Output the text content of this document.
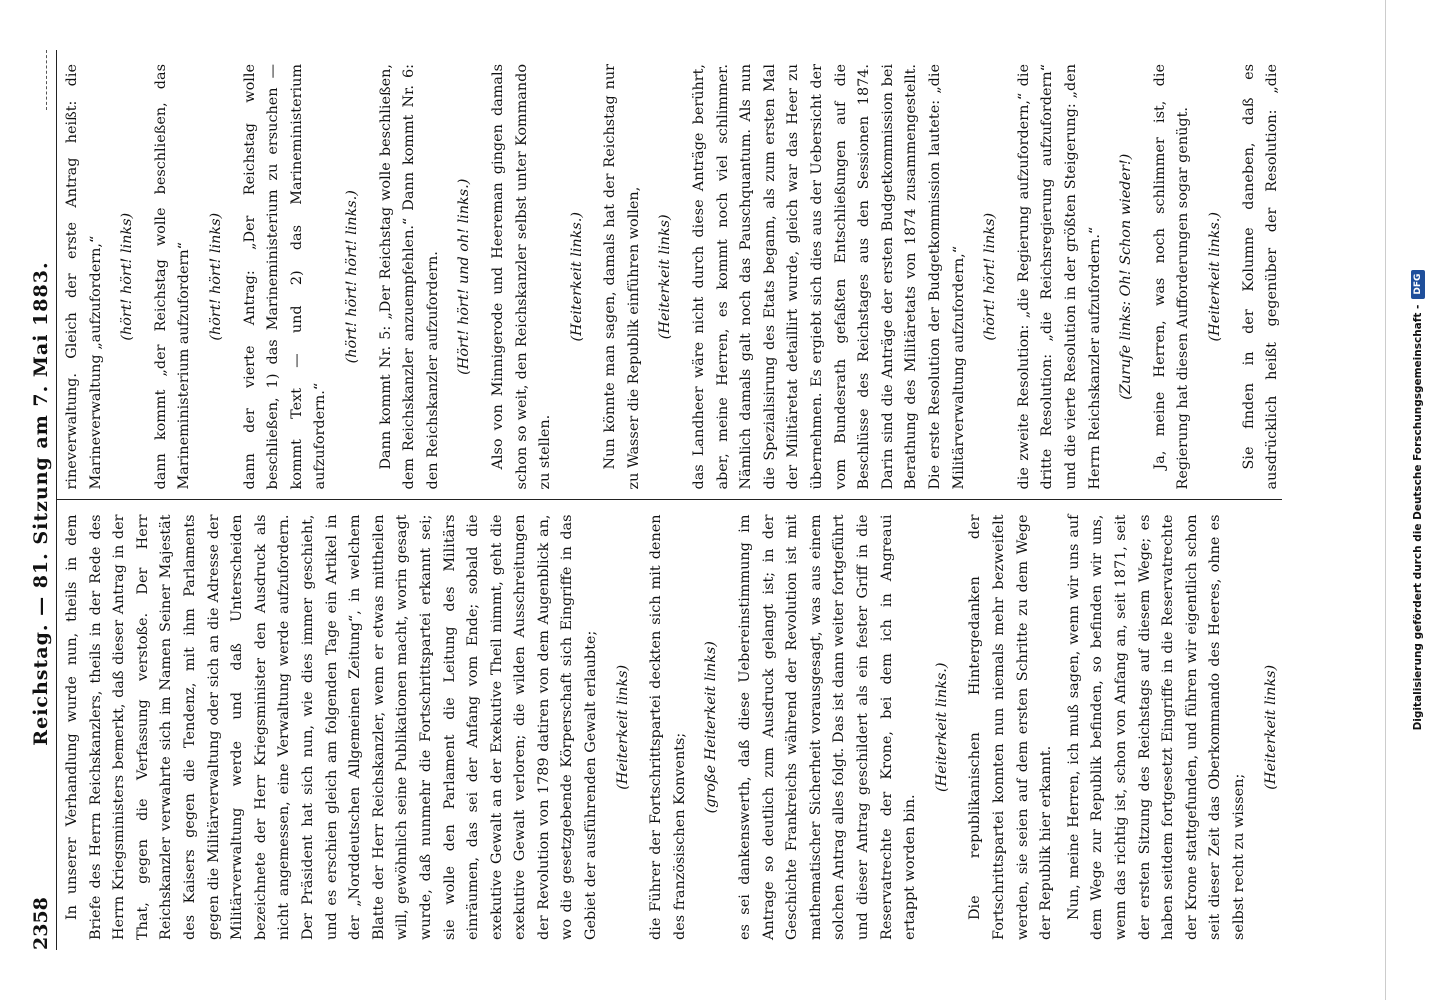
2358
Reichstag. — 81. Sitzung am 7. Mai 1883. In unserer Verhandlung wurde nun, theils in dem Briefe des Herrn Reichskanzlers, theils in der Rede des Herrn Kriegsministers bemerkt, daß dieser Antrag in der That, gegen die Verfassung verstoße. Der Herr Reichskanzler verwahrte sich im Namen Seiner Majestät des Kaisers gegen die Tendenz, mit ihm Parlaments gegen die Militärverwaltung oder sich an die Adresse der Militärverwaltung werde und daß Unterscheiden bezeichnete der Herr Kriegsminister den Ausdruck als nicht angemessen, eine Verwaltung werde aufzufordern. Der Präsident hat sich nun, wie dies immer geschieht, und es erschien gleich am folgenden Tage ein Artikel in der „Norddeutschen Allgemeinen Zeitung“, in welchem Blatte der Herr Reichskanzler, wenn er etwas mittheilen will, gewöhnlich seine Publikationen macht, worin gesagt wurde, daß nunmehr die Fortschrittspartei erkannt sei; sie wolle den Parlament die Leitung des Militärs einräumen, das sei der Anfang vom Ende; sobald die exekutive Gewalt an der Exekutive Theil nimmt, geht die exekutive Gewalt verloren; die wilden Ausschreitungen der Revolution von 1789 datiren von dem Augenblick an, wo die gesetzgebende Körperschaft sich Eingriffe in das Gebiet der ausführenden Gewalt erlaubte;	(Heiterkeit links)	die Führer der Fortschrittspartei deckten sich mit denen des französischen Konvents;

(große Heiterkeit links)	es sei dankenswerth, daß diese Uebereinstimmung im Antrage so deutlich zum Ausdruck gelangt ist; in der Geschichte Frankreichs während der Revolution ist mit mathematischer Sicherheit vorausgesagt, was aus einem solchen Antrag alles folgt. Das ist dann weiter fortgeführt und dieser Antrag geschildert als ein fester Griff in die Reservatrechte der Krone, bei dem ich in Angreaui ertappt worden bin.

(Heiterkeit links.)	Die republikanischen Hintergedanken der Fortschrittspartei konnten nun niemals mehr bezweifelt werden, sie seien auf dem ersten Schritte zu dem Wege der Republik hier erkannt. Nun, meine Herren, ich muß sagen, wenn wir uns auf dem Wege zur Republik befinden, so befinden wir uns, wenn das richtig ist, schon von Anfang an, seit 1871, seit der ersten Sitzung des Reichstags auf diesem Wege; es haben seitdem fortgesetzt Eingriffe in die Reservatrechte der Krone stattgefunden, und führen wir eigentlich schon seit dieser Zeit das Oberkommando des Heeres, ohne es selbst recht zu wissen;

(Heiterkeit links)

rineverwaltung. Gleich der erste Antrag heißt: die Marineverwaltung „aufzufordern,“	(hört! hört! links)	dann kommt „der Reichstag wolle beschließen, das Marineministerium aufzufordern“	(hört! hört! links)	dann der vierte Antrag: „Der Reichstag wolle beschließen, 1) das Marineministerium zu ersuchen — kommt Text — und 2) das Marineministerium aufzufordern.“

(hört! hört! hört! links.)	Dann kommt Nr. 5: „Der Reichstag wolle beschließen, dem Reichskanzler anzuempfehlen.“ Dann kommt Nr. 6: den Reichskanzler aufzufordern.	(Hört! hört! und oh! links.)	Also von Minnigerode und Heereman gingen damals schon so weit, den Reichskanzler selbst unter Kommando zu stellen.

(Heiterkeit links.)	Nun könnte man sagen, damals hat der Reichstag nur zu Wasser die Republik einführen wollen,	(Heiterkeit links)	das Landheer wäre nicht durch diese Anträge berührt, aber, meine Herren, es kommt noch viel schlimmer. Nämlich damals galt noch das Pauschquantum. Als nun die Spezialisirung des Etats begann, als zum ersten Mal der Militäretat detaillirt wurde, gleich war das Heer zu übernehmen. Es ergiebt sich dies aus der Uebersicht der vom Bundesrath gefaßten Entschließungen auf die Beschlüsse des Reichstages aus den Sessionen 1874. Darin sind die Anträge der ersten Budgetkommission bei Berathung des Militäretats von 1874 zusammengestellt. Die erste Resolution der Budgetkommission lautete: „die Militärverwaltung aufzufordern,“	(hört! hört! links)	die zweite Resolution: „die Regierung aufzufordern,“ die dritte Resolution: „die Reichsregierung aufzufordern“ und die vierte Resolution in der größten Steigerung: „den Herrn Reichskanzler aufzufordern.“	(Zurufe links: Oh! Schon wieder!)	Ja, meine Herren, was noch schlimmer ist, die Regierung hat diesen Aufforderungen sogar genügt.	(Heiterkeit links.)

Sie finden in der Kolumne daneben, daß es ausdrücklich heißt gegenüber der Resolution: „die

Digitalisierung gefördert durch die Deutsche Forschungsgemeinschaft -
DFG
